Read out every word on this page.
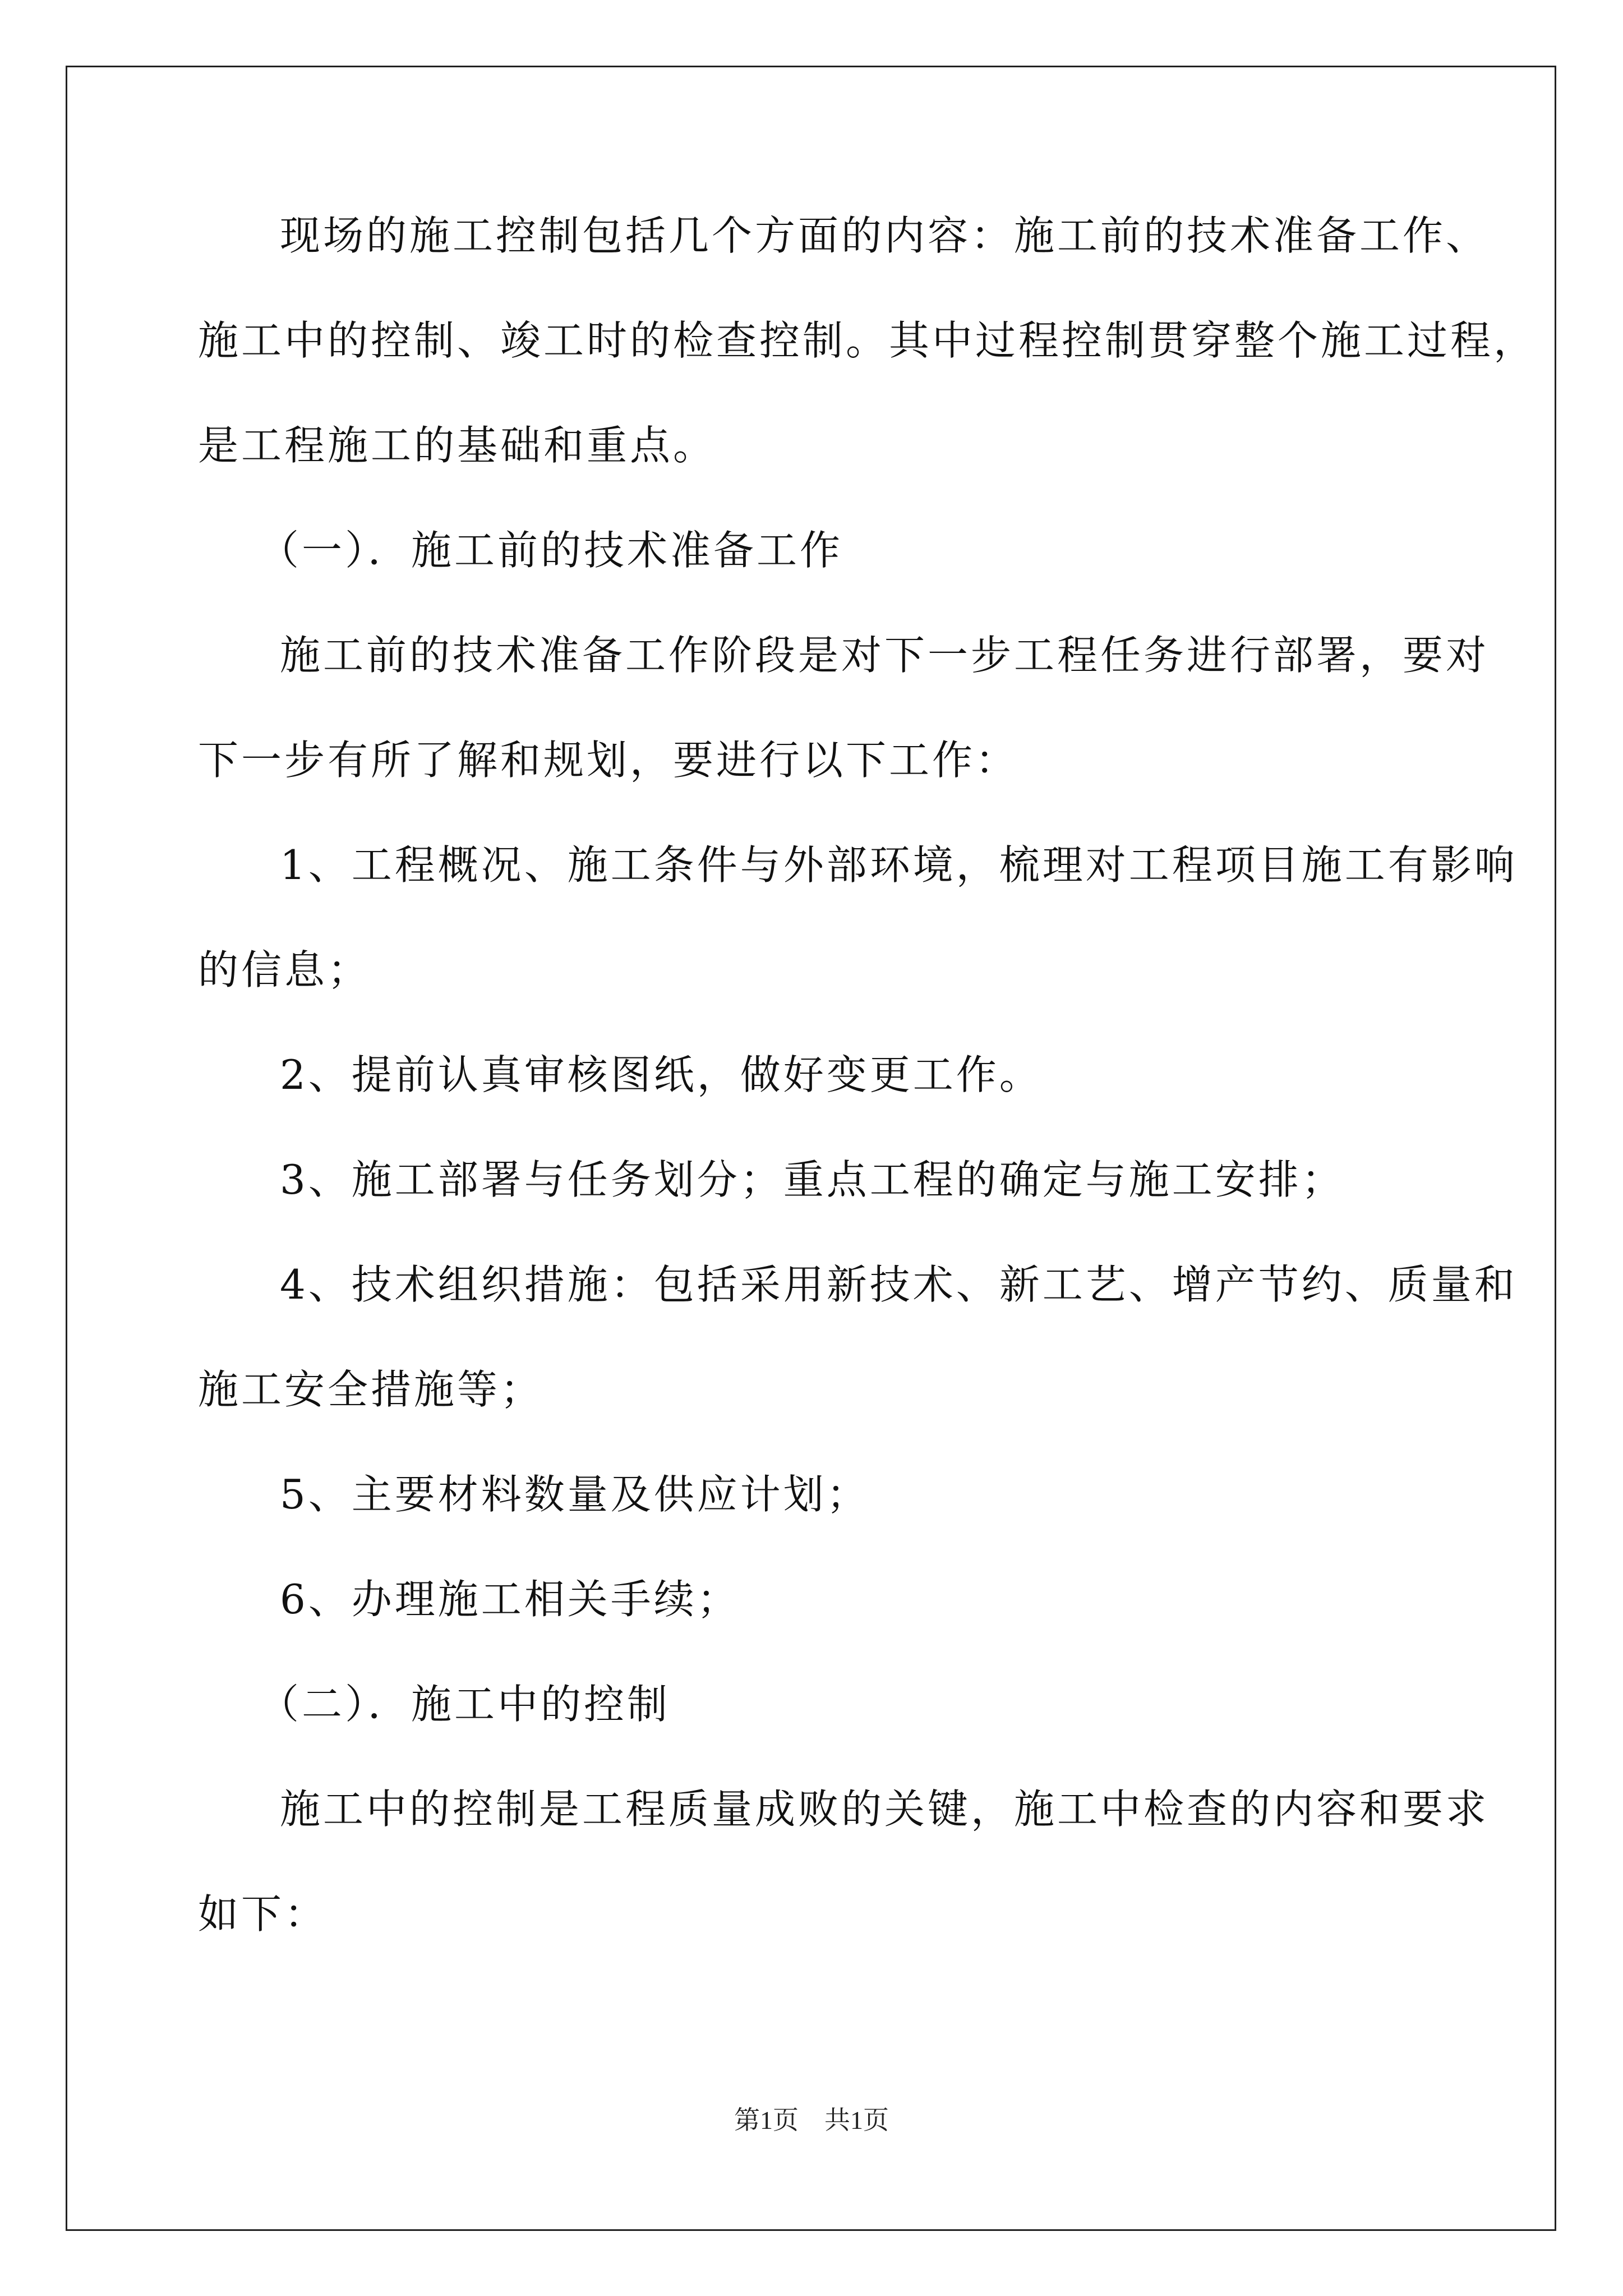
现场的施工控制包括几个方面的内容：施工前的技术准备工作、
施工中的控制、竣工时的检查控制。其中过程控制贯穿整个施工过程，
是工程施工的基础和重点。
（一）．施工前的技术准备工作
施工前的技术准备工作阶段是对下一步工程任务进行部署，要对
下一步有所了解和规划，要进行以下工作：
1、工程概况、施工条件与外部环境，梳理对工程项目施工有影响
的信息；
2、提前认真审核图纸，做好变更工作。
3、施工部署与任务划分；重点工程的确定与施工安排；
4、技术组织措施：包括采用新技术、新工艺、增产节约、质量和
施工安全措施等；
5、主要材料数量及供应计划；
6、办理施工相关手续；
（二）．施工中的控制
施工中的控制是工程质量成败的关键，施工中检查的内容和要求
如下：
第1页　共1页
